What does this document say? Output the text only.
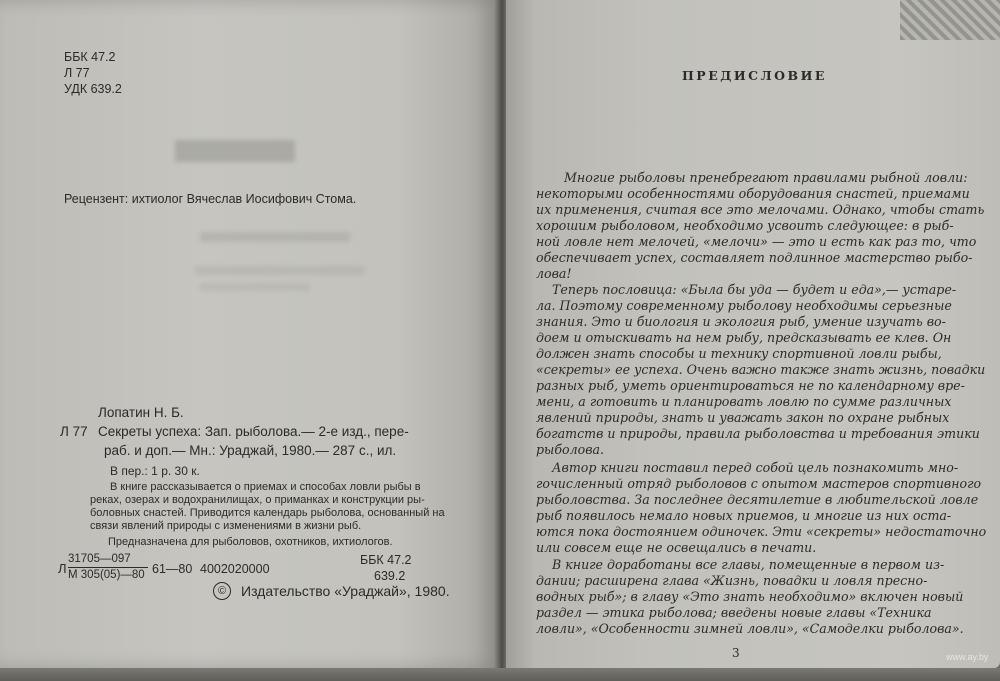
ББК 47.2
Л 77
УДК 639.2
Рецензент: ихтиолог Вячеслав Иосифович Стома.
Лопатин Н. Б.
Л 77 Секреты успеха: Зап. рыболова.— 2-е изд., пере-
раб. и доп.— Мн.: Ураджай, 1980.— 287 с., ил.
В пер.: 1 р. 30 к.
В книге рассказывается о приемах и способах ловли рыбы в
реках, озерах и водохранилищах, о приманках и конструкции ры-
боловных снастей. Приводится календарь рыболова, основанный на
связи явлений природы с изменениями в жизни рыб.
Предназначена для рыболовов, охотников, ихтиологов.
Л
31705—097
М 305(05)—80 61—80 4002020000
ББК 47.2
639.2
©	Издательство «Ураджай», 1980.
ПРЕДИСЛОВИЕ
Многие рыболовы пренебрегают правилами рыбной ловли:
некоторыми особенностями оборудования снастей, приемами
их применения, считая все это мелочами. Однако, чтобы стать
хорошим рыболовом, необходимо усвоить следующее: в рыб-
ной ловле нет мелочей, «мелочи» — это и есть как раз то, что
обеспечивает успех, составляет подлинное мастерство рыбо-
лова!
Теперь пословица: «Была бы уда — будет и еда»,— устаре-
ла. Поэтому современному рыболову необходимы серьезные
знания. Это и биология и экология рыб, умение изучать во-
доем и отыскивать на нем рыбу, предсказывать ее клев. Он
должен знать способы и технику спортивной ловли рыбы,
«секреты» ее успеха. Очень важно также знать жизнь, повадки
разных рыб, уметь ориентироваться не по календарному вре-
мени, а готовить и планировать ловлю по сумме различных
явлений природы, знать и уважать закон по охране рыбных
богатств и природы, правила рыболовства и требования этики
рыболова.
Автор книги поставил перед собой цель познакомить мно-
гочисленный отряд рыболовов с опытом мастеров спортивного
рыболовства. За последнее десятилетие в любительской ловле
рыб появилось немало новых приемов, и многие из них оста-
ются пока достоянием одиночек. Эти «секреты» недостаточно
или совсем еще не освещались в печати.
В книге доработаны все главы, помещенные в первом из-
дании; расширена глава «Жизнь, повадки и ловля пресно-
водных рыб»; в главу «Это знать необходимо» включен новый
раздел — этика рыболова; введены новые главы «Техника
ловли», «Особенности зимней ловли», «Самоделки рыболова».
3	www.ay.by
